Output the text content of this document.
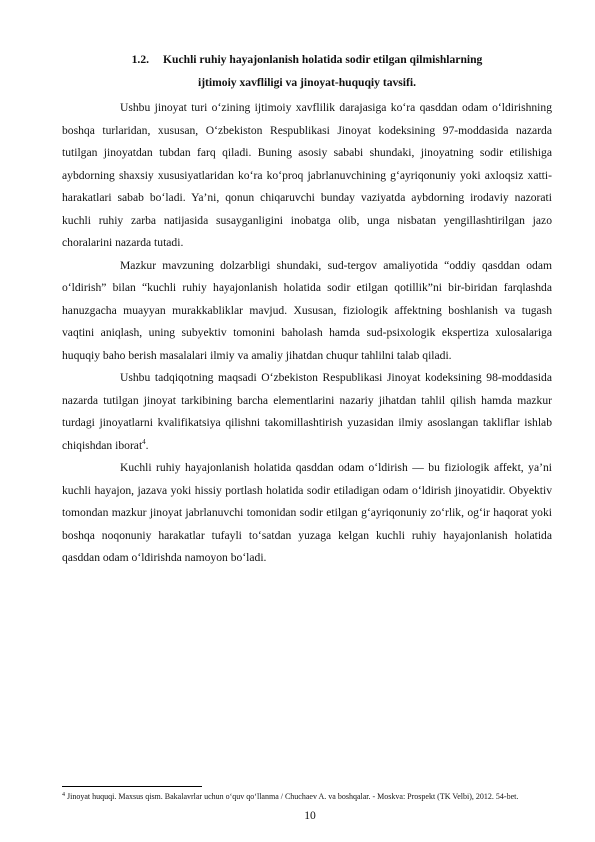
1.2. Kuchli ruhiy hayajonlanish holatida sodir etilgan qilmishlarning
ijtimoiy xavfliligi va jinoyat-huquqiy tavsifi.

Ushbu jinoyat turi o‘zining ijtimoiy xavflilik darajasiga ko‘ra qasddan odam o‘ldirishning boshqa turlaridan, xususan, O‘zbekiston Respublikasi Jinoyat kodeksining 97-moddasida nazarda tutilgan jinoyatdan tubdan farq qiladi. Buning asosiy sababi shundaki, jinoyatning sodir etilishiga aybdorning shaxsiy xususiyatlaridan ko‘ra ko‘proq jabrlanuvchining g‘ayriqonuniy yoki axloqsiz xatti-harakatlari sabab bo‘ladi. Ya’ni, qonun chiqaruvchi bunday vaziyatda aybdorning irodaviy nazorati kuchli ruhiy zarba natijasida susayganligini inobatga olib, unga nisbatan yengillashtirilgan jazo choralarini nazarda tutadi.

Mazkur mavzuning dolzarbligi shundaki, sud-tergov amaliyotida “oddiy qasddan odam o‘ldirish” bilan “kuchli ruhiy hayajonlanish holatida sodir etilgan qotillik”ni bir-biridan farqlashda hanuzgacha muayyan murakkabliklar mavjud. Xususan, fiziologik affektning boshlanish va tugash vaqtini aniqlash, uning subyektiv tomonini baholash hamda sud-psixologik ekspertiza xulosalariga huquqiy baho berish masalalari ilmiy va amaliy jihatdan chuqur tahlilni talab qiladi.

Ushbu tadqiqotning maqsadi O‘zbekiston Respublikasi Jinoyat kodeksining 98-moddasida nazarda tutilgan jinoyat tarkibining barcha elementlarini nazariy jihatdan tahlil qilish hamda mazkur turdagi jinoyatlarni kvalifikatsiya qilishni takomillashtirish yuzasidan ilmiy asoslangan takliflar ishlab chiqishdan iborat$^4$.

Kuchli ruhiy hayajonlanish holatida qasddan odam o‘ldirish — bu fiziologik affekt, ya’ni kuchli hayajon, jazava yoki hissiy portlash holatida sodir etiladigan odam o‘ldirish jinoyatidir. Obyektiv tomondan mazkur jinoyat jabrlanuvchi tomonidan sodir etilgan g‘ayriqonuniy zo‘rlik, og‘ir haqorat yoki boshqa noqonuniy harakatlar tufayli to‘satdan yuzaga kelgan kuchli ruhiy hayajonlanish holatida qasddan odam o‘ldirishda namoyon bo‘ladi.

$^4$ Jinoyat huquqi. Maxsus qism. Bakalavrlar uchun o‘quv qo‘llanma / Chuchaev A. va boshqalar. - Moskva: Prospekt (TK Velbi), 2012. 54-bet.
10
